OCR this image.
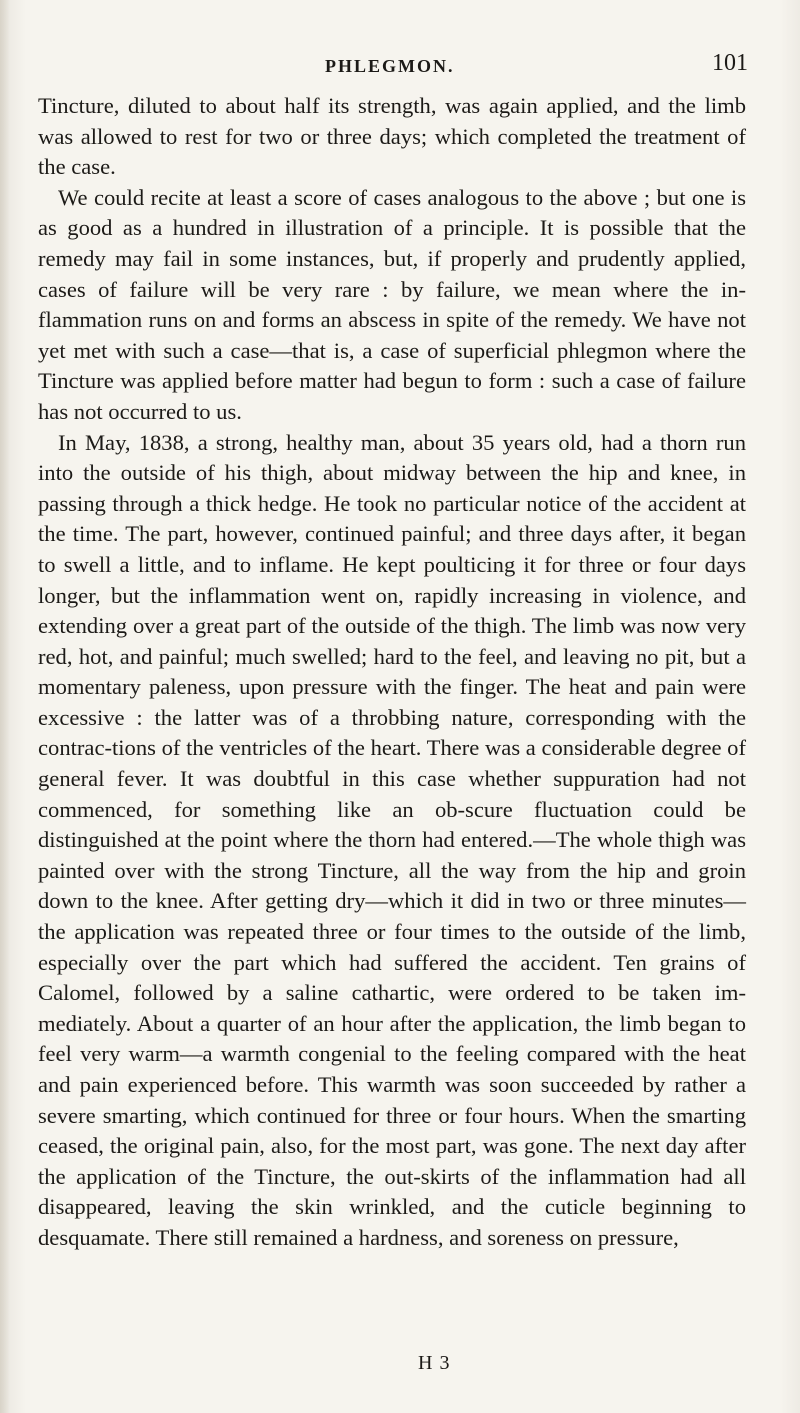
PHLEGMON.	101

Tincture, diluted to about half its strength, was again applied, and the limb was allowed to rest for two or three days; which completed the treatment of the case.

We could recite at least a score of cases analogous to the above ; but one is as good as a hundred in illustration of a principle. It is possible that the remedy may fail in some instances, but, if properly and prudently applied, cases of failure will be very rare : by failure, we mean where the in-flammation runs on and forms an abscess in spite of the remedy. We have not yet met with such a case—that is, a case of superficial phlegmon where the Tincture was applied before matter had begun to form : such a case of failure has not occurred to us.

In May, 1838, a strong, healthy man, about 35 years old, had a thorn run into the outside of his thigh, about midway between the hip and knee, in passing through a thick hedge. He took no particular notice of the accident at the time. The part, however, continued painful; and three days after, it began to swell a little, and to inflame. He kept poulticing it for three or four days longer, but the inflammation went on, rapidly increasing in violence, and extending over a great part of the outside of the thigh. The limb was now very red, hot, and painful; much swelled; hard to the feel, and leaving no pit, but a momentary paleness, upon pressure with the finger. The heat and pain were excessive : the latter was of a throbbing nature, corresponding with the contrac-tions of the ventricles of the heart. There was a considerable degree of general fever. It was doubtful in this case whether suppuration had not commenced, for something like an ob-scure fluctuation could be distinguished at the point where the thorn had entered.—The whole thigh was painted over with the strong Tincture, all the way from the hip and groin down to the knee. After getting dry—which it did in two or three minutes—the application was repeated three or four times to the outside of the limb, especially over the part which had suffered the accident. Ten grains of Calomel, followed by a saline cathartic, were ordered to be taken im-mediately. About a quarter of an hour after the application, the limb began to feel very warm—a warmth congenial to the feeling compared with the heat and pain experienced before. This warmth was soon succeeded by rather a severe smarting, which continued for three or four hours. When the smarting ceased, the original pain, also, for the most part, was gone. The next day after the application of the Tincture, the out-skirts of the inflammation had all disappeared, leaving the skin wrinkled, and the cuticle beginning to desquamate. There still remained a hardness, and soreness on pressure,

H 3
